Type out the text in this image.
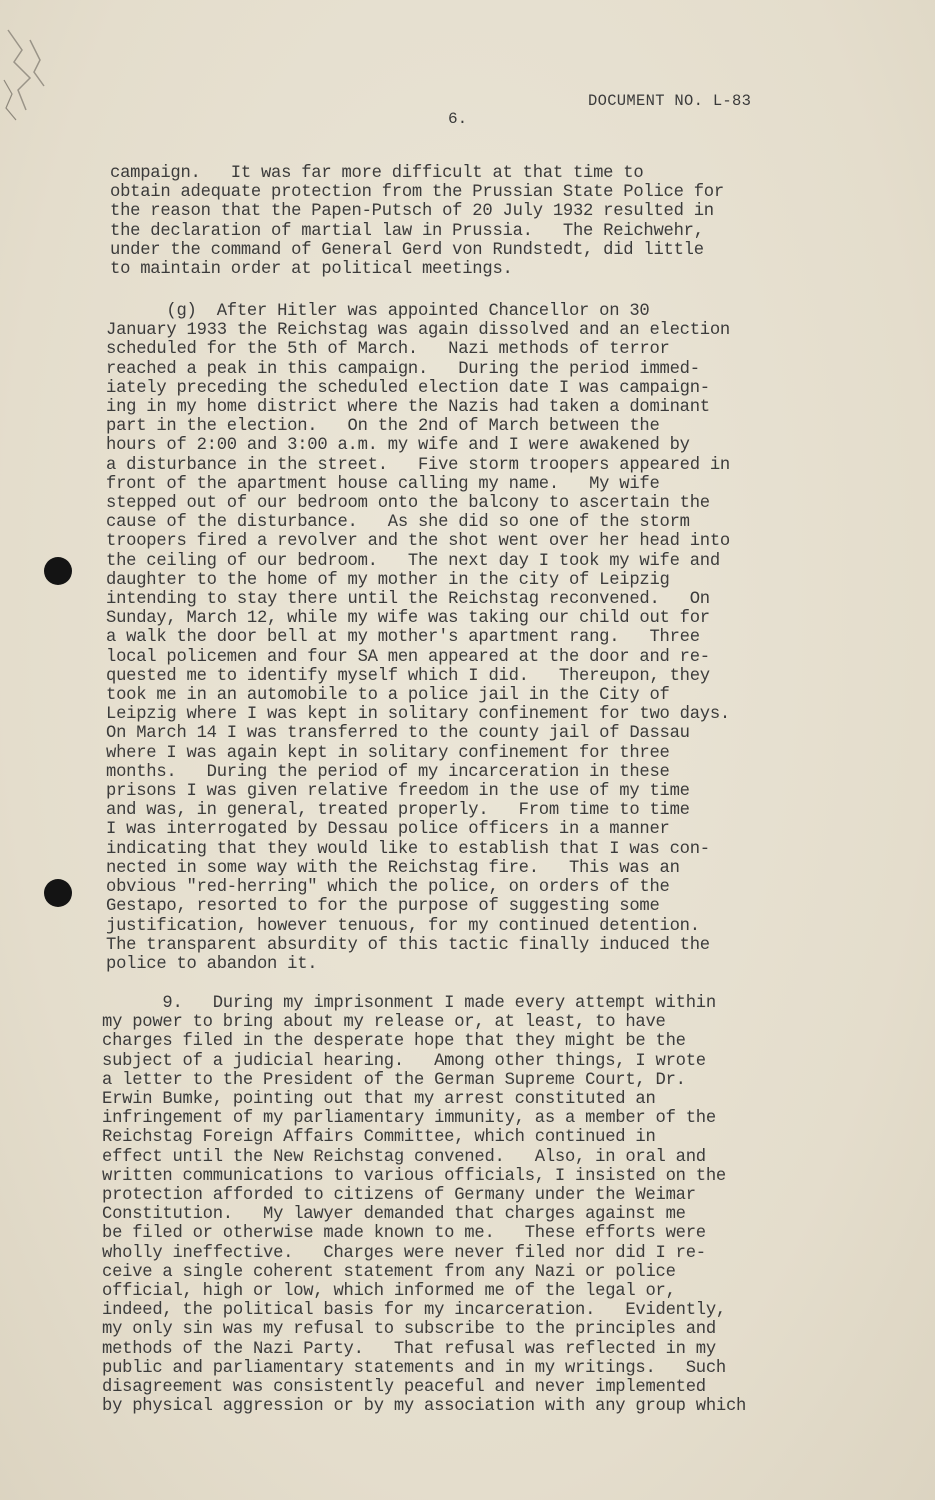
DOCUMENT NO. L-83
6.
campaign.   It was far more difficult at that time to
obtain adequate protection from the Prussian State Police for
the reason that the Papen-Putsch of 20 July 1932 resulted in
the declaration of martial law in Prussia.   The Reichwehr,
under the command of General Gerd von Rundstedt, did little
to maintain order at political meetings.
(g)  After Hitler was appointed Chancellor on 30
January 1933 the Reichstag was again dissolved and an election
scheduled for the 5th of March.   Nazi methods of terror
reached a peak in this campaign.   During the period immed-
iately preceding the scheduled election date I was campaign-
ing in my home district where the Nazis had taken a dominant
part in the election.   On the 2nd of March between the
hours of 2:00 and 3:00 a.m. my wife and I were awakened by
a disturbance in the street.   Five storm troopers appeared in
front of the apartment house calling my name.   My wife
stepped out of our bedroom onto the balcony to ascertain the
cause of the disturbance.   As she did so one of the storm
troopers fired a revolver and the shot went over her head into
the ceiling of our bedroom.   The next day I took my wife and
daughter to the home of my mother in the city of Leipzig
intending to stay there until the Reichstag reconvened.   On
Sunday, March 12, while my wife was taking our child out for
a walk the door bell at my mother's apartment rang.   Three
local policemen and four SA men appeared at the door and re-
quested me to identify myself which I did.   Thereupon, they
took me in an automobile to a police jail in the City of
Leipzig where I was kept in solitary confinement for two days.
On March 14 I was transferred to the county jail of Dassau
where I was again kept in solitary confinement for three
months.   During the period of my incarceration in these
prisons I was given relative freedom in the use of my time
and was, in general, treated properly.   From time to time
I was interrogated by Dessau police officers in a manner
indicating that they would like to establish that I was con-
nected in some way with the Reichstag fire.   This was an
obvious "red-herring" which the police, on orders of the
Gestapo, resorted to for the purpose of suggesting some
justification, however tenuous, for my continued detention.
The transparent absurdity of this tactic finally induced the
police to abandon it.
9.   During my imprisonment I made every attempt within
my power to bring about my release or, at least, to have
charges filed in the desperate hope that they might be the
subject of a judicial hearing.   Among other things, I wrote
a letter to the President of the German Supreme Court, Dr.
Erwin Bumke, pointing out that my arrest constituted an
infringement of my parliamentary immunity, as a member of the
Reichstag Foreign Affairs Committee, which continued in
effect until the New Reichstag convened.   Also, in oral and
written communications to various officials, I insisted on the
protection afforded to citizens of Germany under the Weimar
Constitution.   My lawyer demanded that charges against me
be filed or otherwise made known to me.   These efforts were
wholly ineffective.   Charges were never filed nor did I re-
ceive a single coherent statement from any Nazi or police
official, high or low, which informed me of the legal or,
indeed, the political basis for my incarceration.   Evidently,
my only sin was my refusal to subscribe to the principles and
methods of the Nazi Party.   That refusal was reflected in my
public and parliamentary statements and in my writings.   Such
disagreement was consistently peaceful and never implemented
by physical aggression or by my association with any group which
